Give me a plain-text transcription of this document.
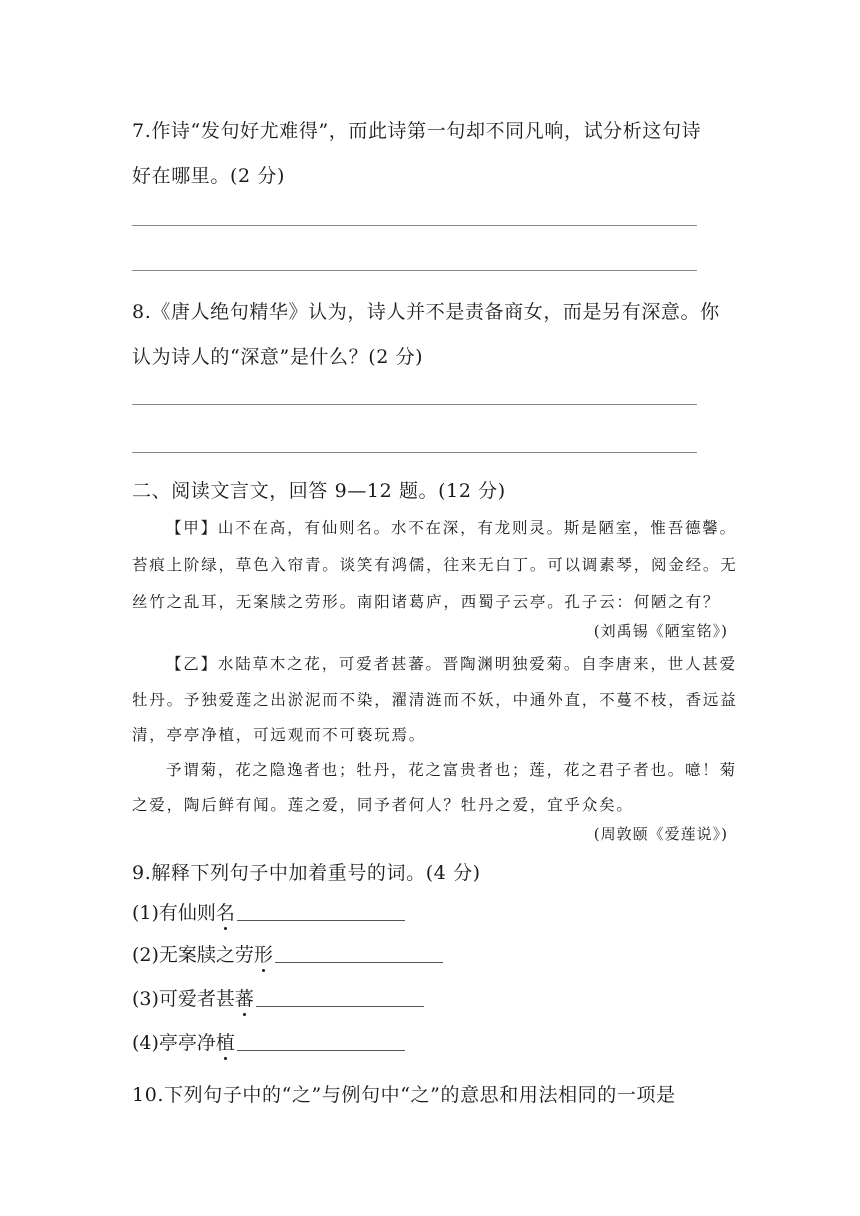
7.作诗“发句好尤难得”，而此诗第一句却不同凡响，试分析这句诗
好在哪里。(2 分)
8.《唐人绝句精华》认为，诗人并不是责备商女，而是另有深意。你
认为诗人的“深意”是什么？(2 分)
二、阅读文言文，回答 9—12 题。(12 分)
【甲】山不在高，有仙则名。水不在深，有龙则灵。斯是陋室，惟吾德馨。
苔痕上阶绿，草色入帘青。谈笑有鸿儒，往来无白丁。可以调素琴，阅金经。无
丝竹之乱耳，无案牍之劳形。南阳诸葛庐，西蜀子云亭。孔子云：何陋之有？
(刘禹锡《陋室铭》)
【乙】水陆草木之花，可爱者甚蕃。晋陶渊明独爱菊。自李唐来，世人甚爱
牡丹。予独爱莲之出淤泥而不染，濯清涟而不妖，中通外直，不蔓不枝，香远益
清，亭亭净植，可远观而不可亵玩焉。
予谓菊，花之隐逸者也；牡丹，花之富贵者也；莲，花之君子者也。噫！菊
之爱，陶后鲜有闻。莲之爱，同予者何人？牡丹之爱，宜乎众矣。
(周敦颐《爱莲说》)
9.解释下列句子中加着重号的词。(4 分)
(1)有仙则 名
(2)无案牍之劳 形
(3)可爱者甚 蕃
(4)亭亭净 植
10.下列句子中的“之”与例句中“之”的意思和用法相同的一项是
